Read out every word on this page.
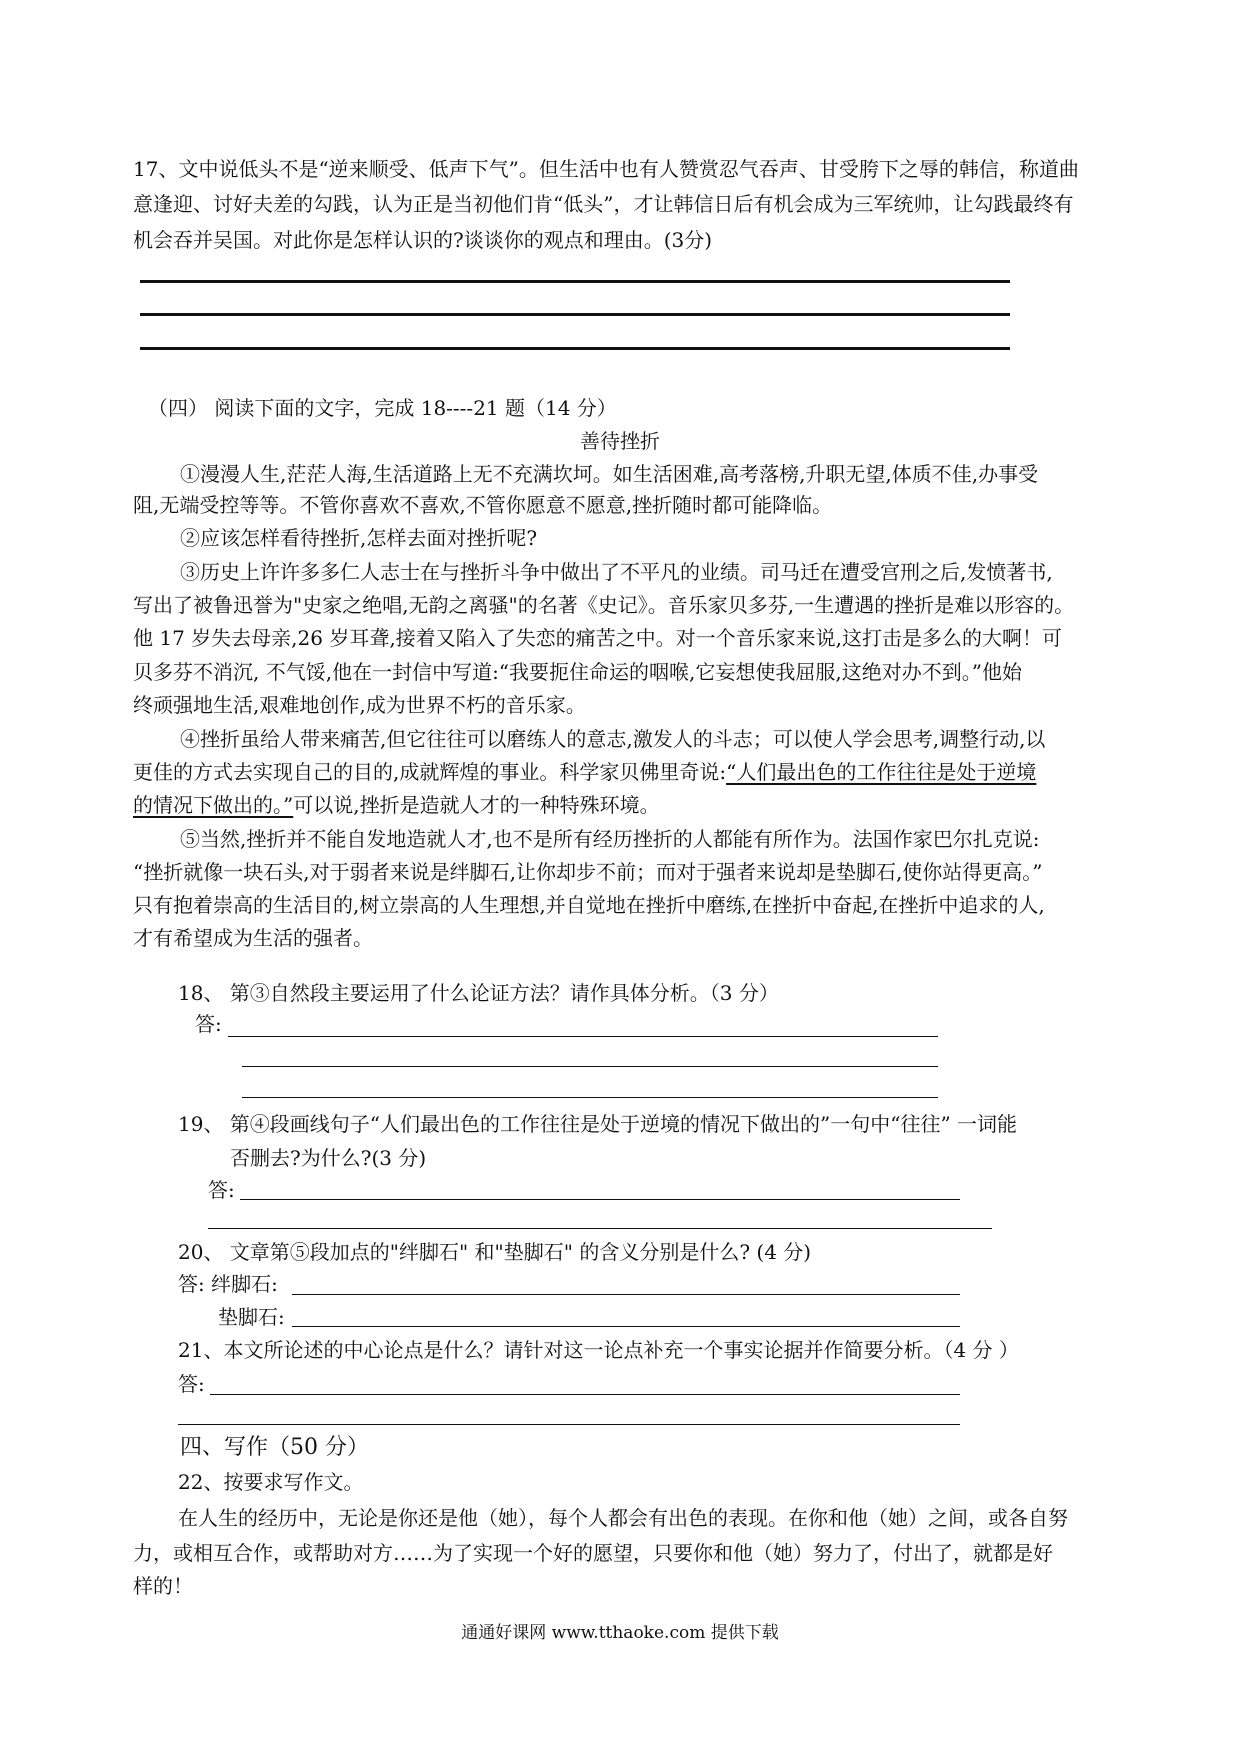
17、文中说低头不是“逆来顺受、低声下气”。但生活中也有人赞赏忍气吞声、甘受胯下之辱的韩信，称道曲
意逢迎、讨好夫差的勾践，认为正是当初他们肯“低头”，才让韩信日后有机会成为三军统帅，让勾践最终有
机会吞并吴国。对此你是怎样认识的?谈谈你的观点和理由。(3分)
（四） 阅读下面的文字，完成 18----21 题（14 分）
善待挫折
①漫漫人生,茫茫人海,生活道路上无不充满坎坷。如生活困难,高考落榜,升职无望,体质不佳,办事受
阻,无端受控等等。不管你喜欢不喜欢,不管你愿意不愿意,挫折随时都可能降临。
②应该怎样看待挫折,怎样去面对挫折呢?
③历史上许许多多仁人志士在与挫折斗争中做出了不平凡的业绩。司马迁在遭受宫刑之后,发愤著书,
写出了被鲁迅誉为"史家之绝唱,无韵之离骚"的名著《史记》。音乐家贝多芬,一生遭遇的挫折是难以形容的。
他 17 岁失去母亲,26 岁耳聋,接着又陷入了失恋的痛苦之中。对一个音乐家来说,这打击是多么的大啊！可
贝多芬不消沉, 不气馁,他在一封信中写道:“我要扼住命运的咽喉,它妄想使我屈服,这绝对办不到。”他始
终顽强地生活,艰难地创作,成为世界不朽的音乐家。
④挫折虽给人带来痛苦,但它往往可以磨练人的意志,激发人的斗志；可以使人学会思考,调整行动,以
更佳的方式去实现自己的目的,成就辉煌的事业。科学家贝佛里奇说:“人们最出色的工作往往是处于逆境
的情况下做出的。”可以说,挫折是造就人才的一种特殊环境。
⑤当然,挫折并不能自发地造就人才,也不是所有经历挫折的人都能有所作为。法国作家巴尔扎克说:
“挫折就像一块石头,对于弱者来说是绊脚石,让你却步不前；而对于强者来说却是垫脚石,使你站得更高。”
只有抱着崇高的生活目的,树立崇高的人生理想,并自觉地在挫折中磨练,在挫折中奋起,在挫折中追求的人,
才有希望成为生活的强者。
18、 第③自然段主要运用了什么论证方法？请作具体分析。（3 分）
答:
19、 第④段画线句子“人们最出色的工作往往是处于逆境的情况下做出的”一句中“往往” 一词能
否删去?为什么?(3 分)
答:
20、 文章第⑤段加点的"绊脚石" 和"垫脚石" 的含义分别是什么? (4 分)
答: 绊脚石:
垫脚石:
21、本文所论述的中心论点是什么？请针对这一论点补充一个事实论据并作简要分析。（4 分 ）
答:
四、写作（50 分）
22、按要求写作文。
在人生的经历中，无论是你还是他（她），每个人都会有出色的表现。在你和他（她）之间，或各自努
力，或相互合作，或帮助对方……为了实现一个好的愿望，只要你和他（她）努力了，付出了，就都是好
样的！
通通好课网 www.tthaoke.com 提供下载
